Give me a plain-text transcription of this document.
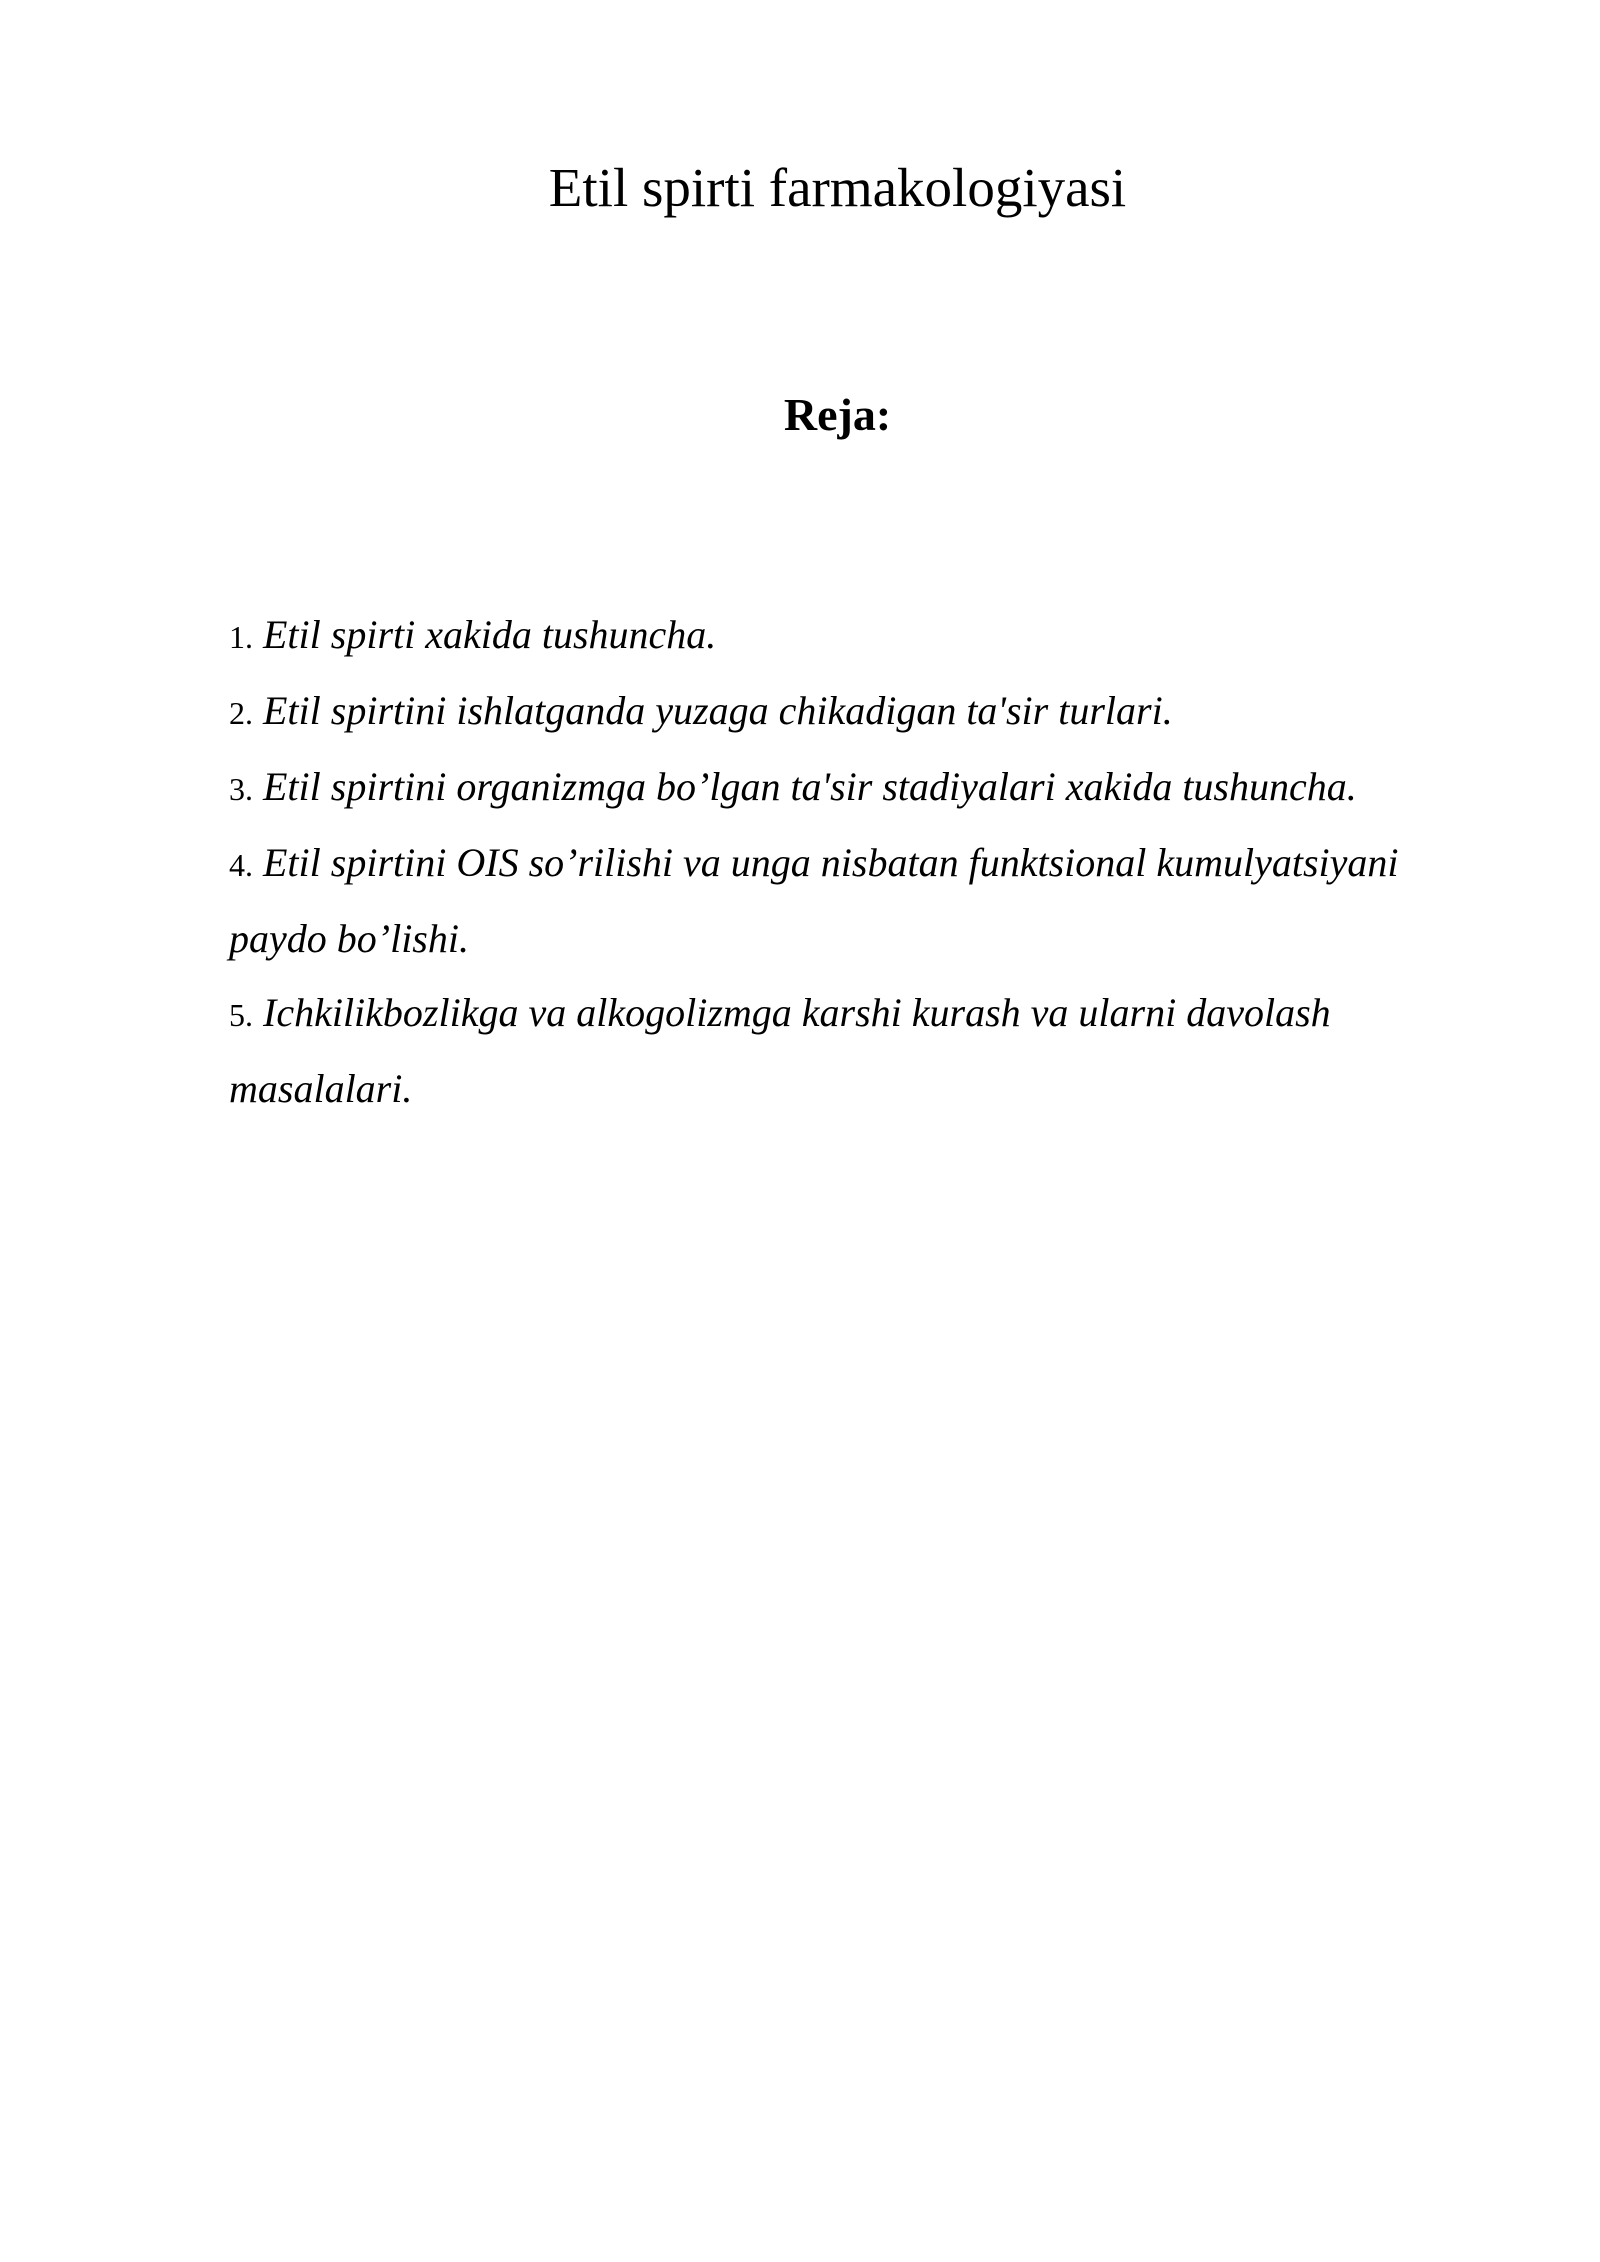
Etil spirti farmakologiyasi
Reja:
1. Etil spirti xakida tushuncha.
2. Etil spirtini ishlatganda yuzaga chikadigan ta'sir turlari.
3. Etil spirtini organizmga bo’lgan ta'sir stadiyalari xakida tushuncha.
4. Etil spirtini OIS so’rilishi va unga nisbatan funktsional kumulyatsiyani paydo bo’lishi.
5. Ichkilikbozlikga va alkogolizmga karshi kurash va ularni davolash masalalari.
